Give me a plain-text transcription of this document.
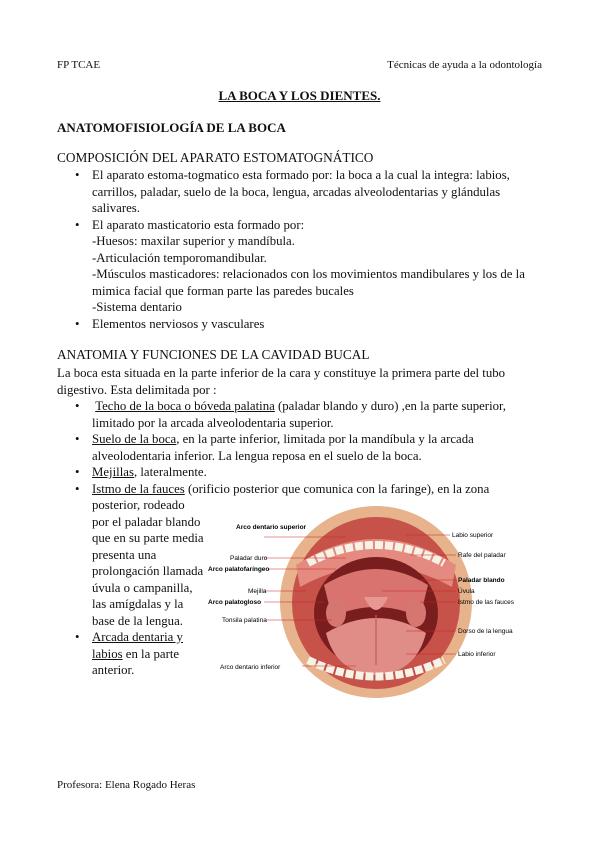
FP TCAE	Técnicas de ayuda a la odontología
LA BOCA Y LOS DIENTES.
ANATOMOFISIOLOGÍA DE LA BOCA
COMPOSICIÓN DEL APARATO ESTOMATOGNÁTICO
• El aparato estoma-togmatico esta formado por: la boca a la cual la integra: labios, carrillos, paladar, suelo de la boca, lengua, arcadas alveolodentarias y glándulas salivares.
• El aparato masticatorio esta formado por:
-Huesos: maxilar superior y mandíbula.
-Articulación temporomandibular.
-Músculos masticadores: relacionados con los movimientos mandibulares y los de la mimica facial que forman parte las paredes bucales
-Sistema dentario
• Elementos nerviosos y vasculares
ANATOMIA Y FUNCIONES DE LA CAVIDAD BUCAL
La boca esta situada en la parte inferior de la cara y constituye la primera parte del tubo digestivo. Esta delimitada por :
• Techo de la boca o bóveda palatina (paladar blando y duro) ,en la parte superior, limitado por la arcada alveolodentaria superior.
• Suelo de la boca, en la parte inferior, limitada por la mandíbula y la arcada alveolodentaria inferior. La lengua reposa en el suelo de la boca.
• Mejillas, lateralmente.
• Istmo de la fauces (orificio posterior que comunica con la faringe), en la zona
posterior, rodeado por el paladar blando que en su parte media presenta una prolongación llamada úvula o campanilla, las amígdalas y la base de la lengua.
• Arcada dentaria y labios en la parte anterior.
Arco dentario superior
Paladar duro
Arco palatofaríngeo
Mejilla
Arco palatogloso
Tonsila palatina
Arco dentario inferior
Labio superior
Rafe del paladar
Paladar blando
Úvula
Istmo de las fauces
Dorso de la lengua
Labio inferior
Profesora: Elena Rogado Heras
